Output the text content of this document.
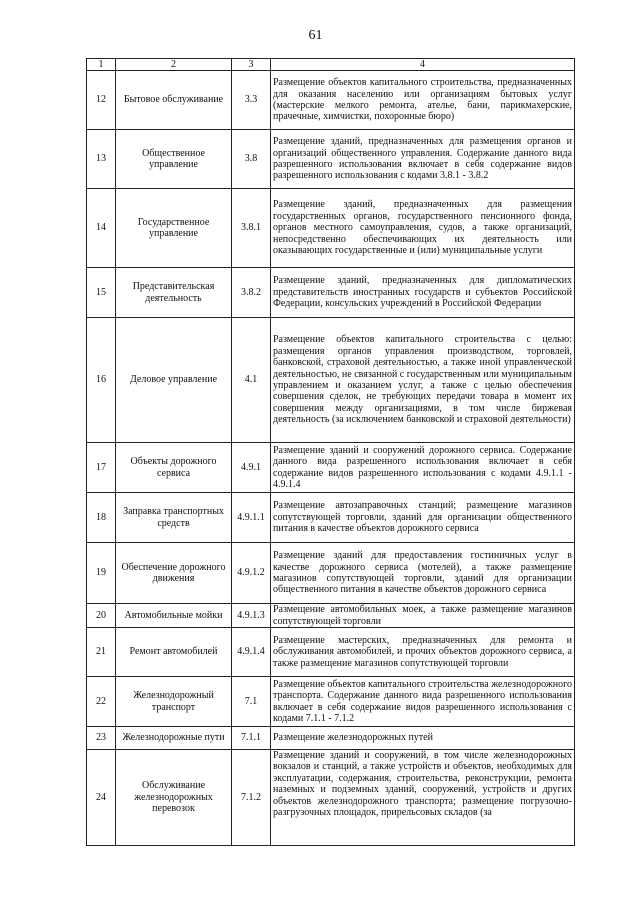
61
1	2	3	4
12	Бытовое обслуживание	3.3	Размещение объектов капитального строительства, предназначенных для оказания населению или организациям бытовых услуг (мастерские мелкого ремонта, ателье, бани, парикмахерские, прачечные, химчистки, похоронные бюро)
13	Общественное управление	3.8	Размещение зданий, предназначенных для размещения органов и организаций общественного управления. Содержание данного вида разрешенного использования включает в себя содержание видов разрешенного использования с кодами 3.8.1 - 3.8.2
14	Государственное управление	3.8.1	Размещение зданий, предназначенных для размещения государственных органов, государственного пенсионного фонда, органов местного самоуправления, судов, а также организаций, непосредственно обеспечивающих их деятельность или оказывающих государственные и (или) муниципальные услуги
15	Представительская деятельность	3.8.2	Размещение зданий, предназначенных для дипломатических представительств иностранных государств и субъектов Российской Федерации, консульских учреждений в Российской Федерации
16	Деловое управление	4.1	Размещение объектов капитального строительства с целью: размещения органов управления производством, торговлей, банковской, страховой деятельностью, а также иной управленческой деятельностью, не связанной с государственным или муниципальным управлением и оказанием услуг, а также с целью обеспечения совершения сделок, не требующих передачи товара в момент их совершения между организациями, в том числе биржевая деятельность (за исключением банковской и страховой деятельности)
17	Объекты дорожного сервиса	4.9.1	Размещение зданий и сооружений дорожного сервиса. Содержание данного вида разрешенного использования включает в себя содержание видов разрешенного использования с кодами 4.9.1.1 - 4.9.1.4
18	Заправка транспортных средств	4.9.1.1	Размещение автозаправочных станций; размещение магазинов сопутствующей торговли, зданий для организации общественного питания в качестве объектов дорожного сервиса
19	Обеспечение дорожного движения	4.9.1.2	Размещение зданий для предоставления гостиничных услуг в качестве дорожного сервиса (мотелей), а также размещение магазинов сопутствующей торговли, зданий для организации общественного питания в качестве объектов дорожного сервиса
20	Автомобильные мойки	4.9.1.3	Размещение автомобильных моек, а также размещение магазинов сопутствующей торговли
21	Ремонт автомобилей	4.9.1.4	Размещение мастерских, предназначенных для ремонта и обслуживания автомобилей, и прочих объектов дорожного сервиса, а также размещение магазинов сопутствующей торговли
22	Железнодорожный транспорт	7.1	Размещение объектов капитального строительства железнодорожного транспорта. Содержание данного вида разрешенного использования включает в себя содержание видов разрешенного использования с кодами 7.1.1 - 7.1.2
23	Железнодорожные пути	7.1.1	Размещение железнодорожных путей
24	Обслуживание железнодорожных перевозок	7.1.2	Размещение зданий и сооружений, в том числе железнодорожных вокзалов и станций, а также устройств и объектов, необходимых для эксплуатации, содержания, строительства, реконструкции, ремонта наземных и подземных зданий, сооружений, устройств и других объектов железнодорожного транспорта; размещение погрузочно-разгрузочных площадок, прирельсовых складов (за
